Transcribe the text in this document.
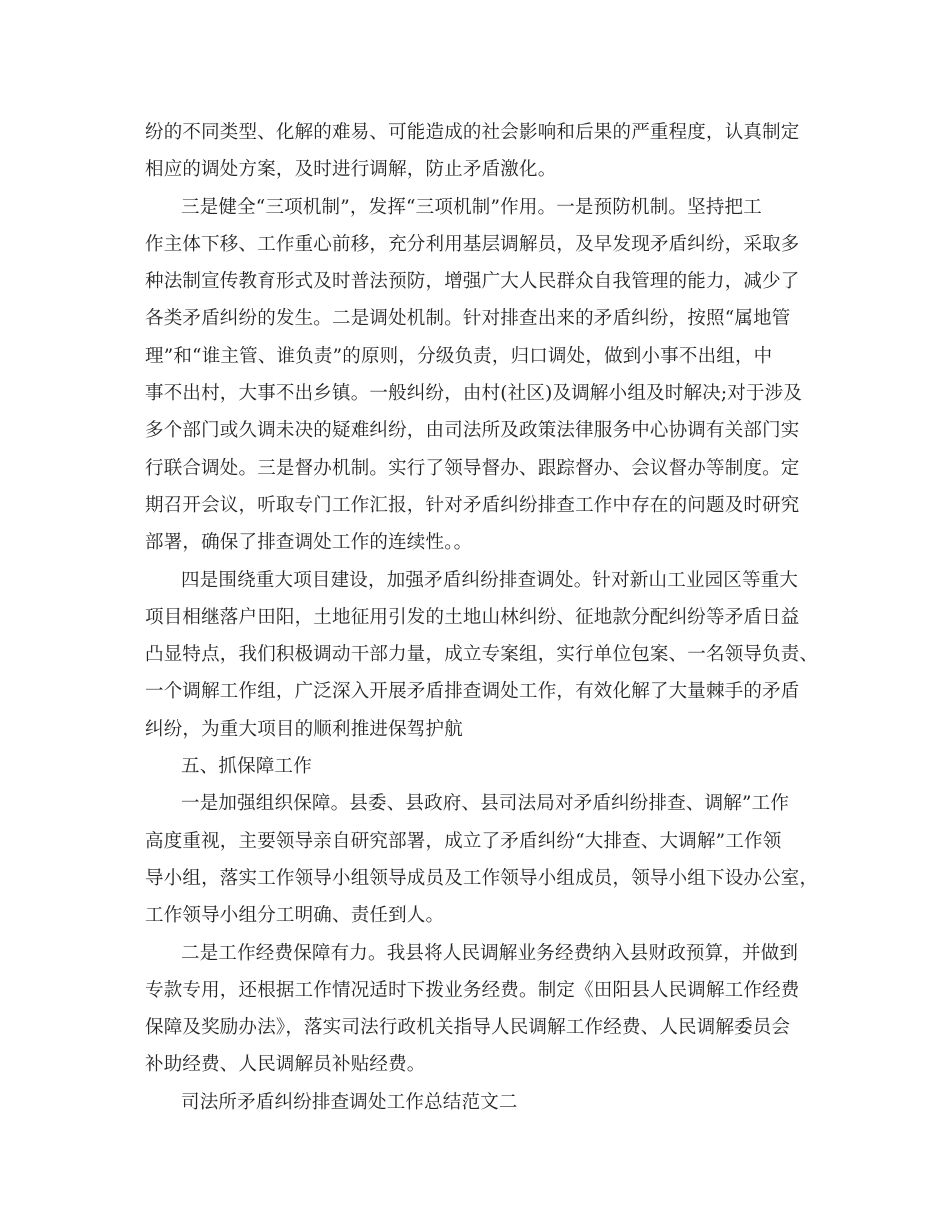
纷的不同类型、化解的难易、可能造成的社会影响和后果的严重程度，认真制定
相应的调处方案，及时进行调解，防止矛盾激化。
三是健全“三项机制”，发挥“三项机制”作用。一是预防机制。坚持把工
作主体下移、工作重心前移，充分利用基层调解员，及早发现矛盾纠纷，采取多
种法制宣传教育形式及时普法预防，增强广大人民群众自我管理的能力，减少了
各类矛盾纠纷的发生。二是调处机制。针对排查出来的矛盾纠纷，按照“属地管
理”和“谁主管、谁负责”的原则，分级负责，归口调处，做到小事不出组，中
事不出村，大事不出乡镇。一般纠纷，由村(社区)及调解小组及时解决;对于涉及
多个部门或久调未决的疑难纠纷，由司法所及政策法律服务中心协调有关部门实
行联合调处。三是督办机制。实行了领导督办、跟踪督办、会议督办等制度。定
期召开会议，听取专门工作汇报，针对矛盾纠纷排查工作中存在的问题及时研究
部署，确保了排查调处工作的连续性。。
四是围绕重大项目建设，加强矛盾纠纷排查调处。针对新山工业园区等重大
项目相继落户田阳，土地征用引发的土地山林纠纷、征地款分配纠纷等矛盾日益
凸显特点，我们积极调动干部力量，成立专案组，实行单位包案、一名领导负责、
一个调解工作组，广泛深入开展矛盾排查调处工作，有效化解了大量棘手的矛盾
纠纷，为重大项目的顺利推进保驾护航
五、抓保障工作
一是加强组织保障。县委、县政府、县司法局对矛盾纠纷排查、调解”工作
高度重视，主要领导亲自研究部署，成立了矛盾纠纷“大排查、大调解”工作领
导小组，落实工作领导小组领导成员及工作领导小组成员，领导小组下设办公室，
工作领导小组分工明确、责任到人。
二是工作经费保障有力。我县将人民调解业务经费纳入县财政预算，并做到
专款专用，还根据工作情况适时下拨业务经费。制定《田阳县人民调解工作经费
保障及奖励办法》，落实司法行政机关指导人民调解工作经费、人民调解委员会
补助经费、人民调解员补贴经费。
司法所矛盾纠纷排查调处工作总结范文二
